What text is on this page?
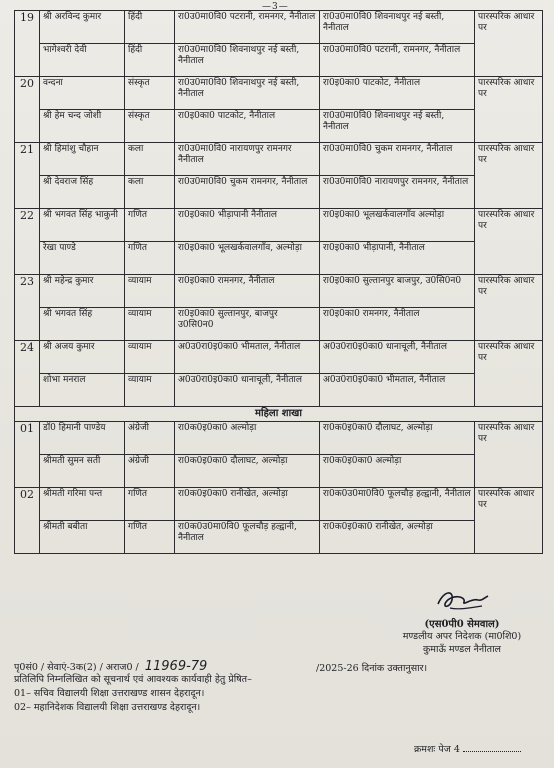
—3—
19	श्री अरविन्द कुमार	हिंदी	रा0उ0मा0वि0 पटरानी, रामनगर, नैनीताल	रा0उ0मा0वि0 शिवनाथपुर नई बस्ती, नैनीताल	पारस्परिक आधार पर
	भागेश्वरी देवी	हिंदी	रा0उ0मा0वि0 शिवनाथपुर नई बस्ती, नैनीताल	रा0उ0मा0वि0 पटरानी, रामनगर, नैनीताल	
20	वन्दना	संस्कृत	रा0उ0मा0वि0 शिवनाथपुर नई बस्ती, नैनीताल	रा0इ0का0 पाटकोट, नैनीताल	पारस्परिक आधार पर
	श्री हेम चन्द जोशी	संस्कृत	रा0इ0का0 पाटकोट, नैनीताल	रा0उ0मा0वि0 शिवनाथपुर नई बस्ती, नैनीताल	
21	श्री हिमांशु चौहान	कला	रा0उ0मा0वि0 नारायणपुर रामनगर नैनीताल	रा0उ0मा0वि0 चुकम रामनगर, नैनीताल	पारस्परिक आधार पर
	श्री देवराज सिंह	कला	रा0उ0मा0वि0 चुकम रामनगर, नैनीताल	रा0उ0मा0वि0 नारायणपुर रामनगर, नैनीताल	
22	श्री भगवत सिंह भाकुनी	गणित	रा0इ0का0 भीड़ापानी नैनीताल	रा0इ0का0 भूलखर्कवालगाँव अल्मोड़ा	पारस्परिक आधार पर
	रेखा पाण्डे	गणित	रा0इ0का0 भूलखर्कवालगाँव, अल्मोड़ा	रा0इ0का0 भीड़ापानी, नैनीताल	
23	श्री महेन्द्र कुमार	व्यायाम	रा0इ0का0 रामनगर, नैनीताल	रा0इ0का0 सुल्तानपुर बाजपुर, उ0सि0न0	पारस्परिक आधार पर
	श्री भगवत सिंह	व्यायाम	रा0इ0का0 सुल्तानपुर, बाजपुर उ0सि0न0	रा0इ0का0 रामनगर, नैनीताल	
24	श्री अजय कुमार	व्यायाम	अ0उ0रा0इ0का0 भीमताल, नैनीताल	अ0उ0रा0इ0का0 धानाचूली, नैनीताल	पारस्परिक आधार पर
	शोभा मनराल	व्यायाम	अ0उ0रा0इ0का0 धानाचूली, नैनीताल	अ0उ0रा0इ0का0 भीमताल, नैनीताल	
महिला शाखा					
01	डॉ0 हिमानी पाण्डेय	अंग्रेजी	रा0क0इ0का0 अल्मोड़ा	रा0क0इ0का0 दौलाघट, अल्मोड़ा	पारस्परिक आधार पर
	श्रीमती सुमन सती	अंग्रेजी	रा0क0इ0का0 दौलाघट, अल्मोड़ा	रा0क0इ0का0 अल्मोड़ा	
02	श्रीमती गरिमा पन्त	गणित	रा0क0इ0का0 रानीखेत, अल्मोड़ा	रा0क0उ0मा0वि0 फूलचौड़ हल्द्वानी, नैनीताल	पारस्परिक आधार पर
	श्रीमती बबीता	गणित	रा0क0उ0मा0वि0 फूलचौड़ हल्द्वानी, नैनीताल	रा0क0इ0का0 रानीखेत, अल्मोड़ा	
(एस0पी0 सेमवाल)
मण्डलीय अपर निदेशक (मा0शि0)
कुमाऊँ मण्डल नैनीताल
पृ0सं0 / सेवाएं-3क(2) / अराज0 / 11969-79	/2025-26 दिनांक उक्तानुसार।
प्रतिलिपि निम्नलिखित को सूचनार्थ एवं आवश्यक कार्यवाही हेतु प्रेषित–
01– सचिव विद्यालयी शिक्षा उत्तराखण्ड शासन देहरादून।
02– महानिदेशक विद्यालयी शिक्षा उत्तराखण्ड देहरादून।
क्रमशः पेज 4
